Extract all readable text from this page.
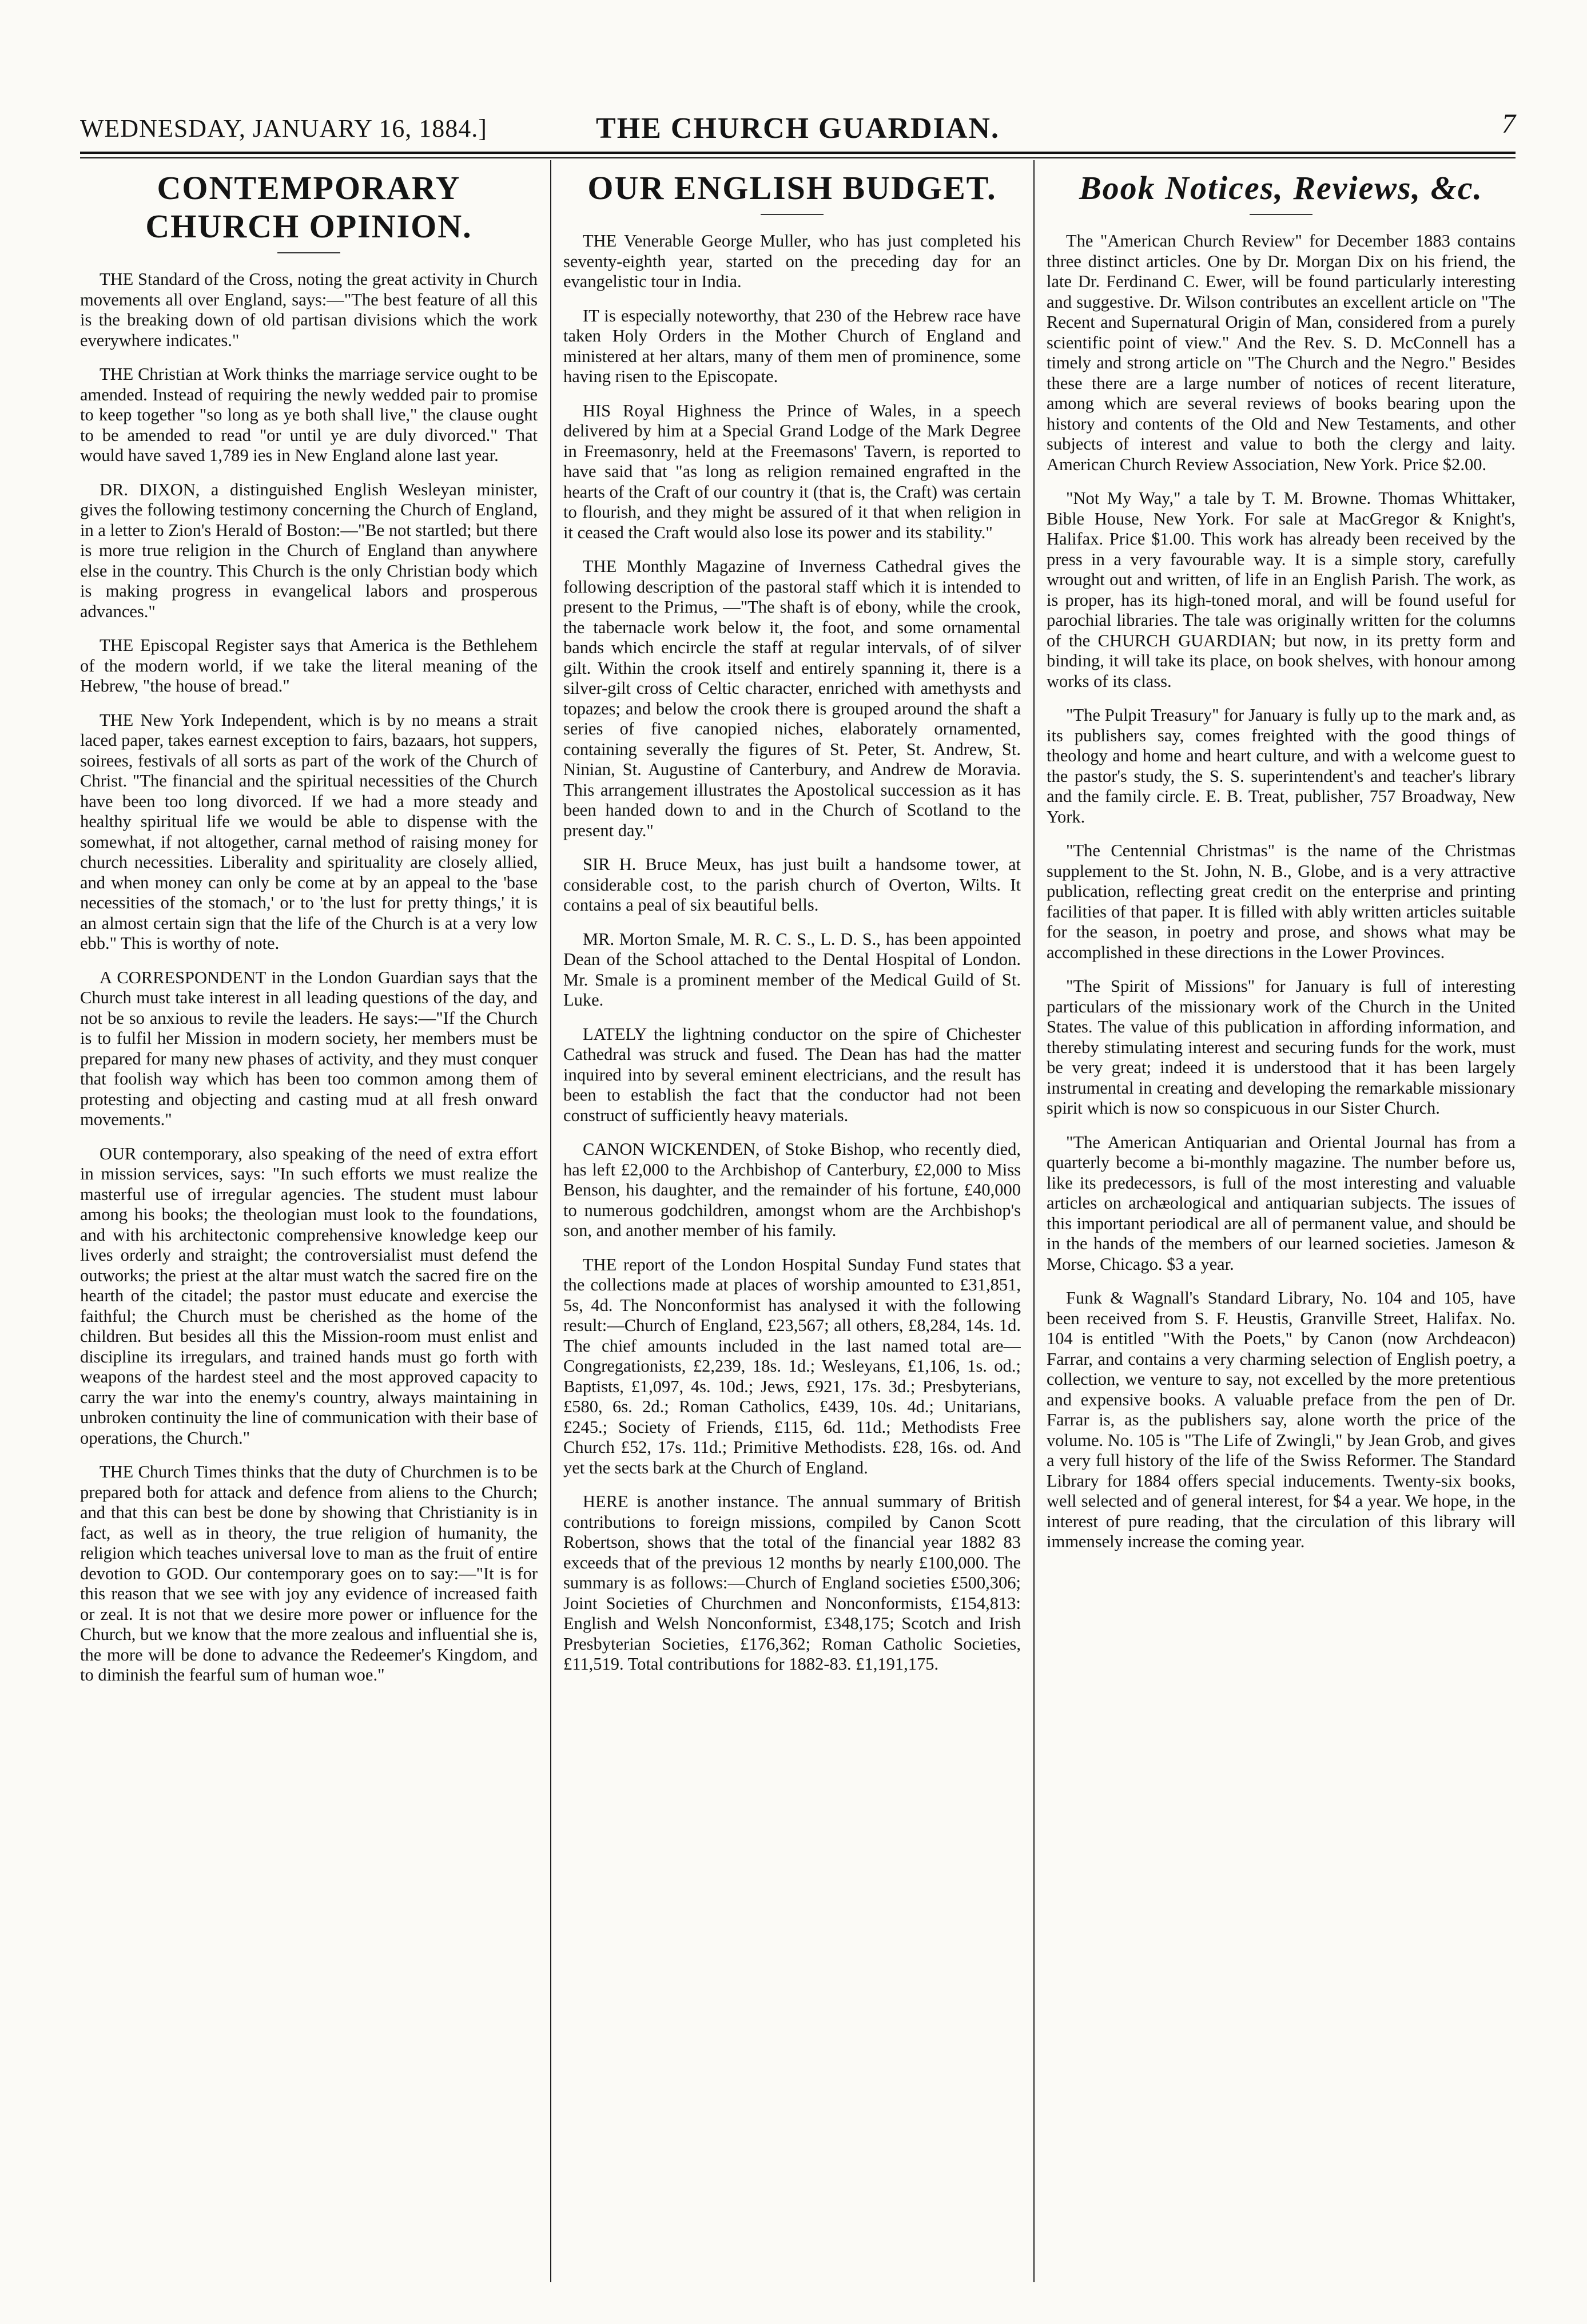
WEDNESDAY, JANUARY 16, 1884.]	THE CHURCH GUARDIAN.	7
CONTEMPORARY CHURCH OPINION.

THE Standard of the Cross, noting the great activity in Church movements all over England, says:—"The best feature of all this is the breaking down of old partisan divisions which the work everywhere indicates."

THE Christian at Work thinks the marriage service ought to be amended. Instead of requiring the newly wedded pair to promise to keep together "so long as ye both shall live," the clause ought to be amended to read "or until ye are duly divorced." That would have saved 1,789 ies in New England alone last year.

DR. DIXON, a distinguished English Wesleyan minister, gives the following testimony concerning the Church of England, in a letter to Zion's Herald of Boston:—"Be not startled; but there is more true religion in the Church of England than anywhere else in the country. This Church is the only Christian body which is making progress in evangelical labors and prosperous advances."

THE Episcopal Register says that America is the Bethlehem of the modern world, if we take the literal meaning of the Hebrew, "the house of bread."

THE New York Independent, which is by no means a strait laced paper, takes earnest exception to fairs, bazaars, hot suppers, soirees, festivals of all sorts as part of the work of the Church of Christ. "The financial and the spiritual necessities of the Church have been too long divorced. If we had a more steady and healthy spiritual life we would be able to dispense with the somewhat, if not altogether, carnal method of raising money for church necessities. Liberality and spirituality are closely allied, and when money can only be come at by an appeal to the 'base necessities of the stomach,' or to 'the lust for pretty things,' it is an almost certain sign that the life of the Church is at a very low ebb." This is worthy of note.

A CORRESPONDENT in the London Guardian says that the Church must take interest in all leading questions of the day, and not be so anxious to revile the leaders. He says:—"If the Church is to fulfil her Mission in modern society, her members must be prepared for many new phases of activity, and they must conquer that foolish way which has been too common among them of protesting and objecting and casting mud at all fresh onward movements."

OUR contemporary, also speaking of the need of extra effort in mission services, says: "In such efforts we must realize the masterful use of irregular agencies. The student must labour among his books; the theologian must look to the foundations, and with his architectonic comprehensive knowledge keep our lives orderly and straight; the controversialist must defend the outworks; the priest at the altar must watch the sacred fire on the hearth of the citadel; the pastor must educate and exercise the faithful; the Church must be cherished as the home of the children. But besides all this the Mission-room must enlist and discipline its irregulars, and trained hands must go forth with weapons of the hardest steel and the most approved capacity to carry the war into the enemy's country, always maintaining in unbroken continuity the line of communication with their base of operations, the Church."

THE Church Times thinks that the duty of Churchmen is to be prepared both for attack and defence from aliens to the Church; and that this can best be done by showing that Christianity is in fact, as well as in theory, the true religion of humanity, the religion which teaches universal love to man as the fruit of entire devotion to GOD. Our contemporary goes on to say:—"It is for this reason that we see with joy any evidence of increased faith or zeal. It is not that we desire more power or influence for the Church, but we know that the more zealous and influential she is, the more will be done to advance the Redeemer's Kingdom, and to diminish the fearful sum of human woe."

OUR ENGLISH BUDGET.

THE Venerable George Muller, who has just completed his seventy-eighth year, started on the preceding day for an evangelistic tour in India.

IT is especially noteworthy, that 230 of the Hebrew race have taken Holy Orders in the Mother Church of England and ministered at her altars, many of them men of prominence, some having risen to the Episcopate.

HIS Royal Highness the Prince of Wales, in a speech delivered by him at a Special Grand Lodge of the Mark Degree in Freemasonry, held at the Freemasons' Tavern, is reported to have said that "as long as religion remained engrafted in the hearts of the Craft of our country it (that is, the Craft) was certain to flourish, and they might be assured of it that when religion in it ceased the Craft would also lose its power and its stability."

THE Monthly Magazine of Inverness Cathedral gives the following description of the pastoral staff which it is intended to present to the Primus, —"The shaft is of ebony, while the crook, the tabernacle work below it, the foot, and some ornamental bands which encircle the staff at regular intervals, of of silver gilt. Within the crook itself and entirely spanning it, there is a silver-gilt cross of Celtic character, enriched with amethysts and topazes; and below the crook there is grouped around the shaft a series of five canopied niches, elaborately ornamented, containing severally the figures of St. Peter, St. Andrew, St. Ninian, St. Augustine of Canterbury, and Andrew de Moravia. This arrangement illustrates the Apostolical succession as it has been handed down to and in the Church of Scotland to the present day."

SIR H. Bruce Meux, has just built a handsome tower, at considerable cost, to the parish church of Overton, Wilts. It contains a peal of six beautiful bells.

MR. Morton Smale, M. R. C. S., L. D. S., has been appointed Dean of the School attached to the Dental Hospital of London. Mr. Smale is a prominent member of the Medical Guild of St. Luke.

LATELY the lightning conductor on the spire of Chichester Cathedral was struck and fused. The Dean has had the matter inquired into by several eminent electricians, and the result has been to establish the fact that the conductor had not been construct of sufficiently heavy materials.

CANON WICKENDEN, of Stoke Bishop, who recently died, has left £2,000 to the Archbishop of Canterbury, £2,000 to Miss Benson, his daughter, and the remainder of his fortune, £40,000 to numerous godchildren, amongst whom are the Archbishop's son, and another member of his family.

THE report of the London Hospital Sunday Fund states that the collections made at places of worship amounted to £31,851, 5s, 4d. The Nonconformist has analysed it with the following result:—Church of England, £23,567; all others, £8,284, 14s. 1d. The chief amounts included in the last named total are—Congregationists, £2,239, 18s. 1d.; Wesleyans, £1,106, 1s. od.; Baptists, £1,097, 4s. 10d.; Jews, £921, 17s. 3d.; Presbyterians, £580, 6s. 2d.; Roman Catholics, £439, 10s. 4d.; Unitarians, £245.; Society of Friends, £115, 6d. 11d.; Methodists Free Church £52, 17s. 11d.; Primitive Methodists. £28, 16s. od. And yet the sects bark at the Church of England.

HERE is another instance. The annual summary of British contributions to foreign missions, compiled by Canon Scott Robertson, shows that the total of the financial year 1882 83 exceeds that of the previous 12 months by nearly £100,000. The summary is as follows:—Church of England societies £500,306; Joint Societies of Churchmen and Nonconformists, £154,813: English and Welsh Nonconformist, £348,175; Scotch and Irish Presbyterian Societies, £176,362; Roman Catholic Societies, £11,519. Total contributions for 1882-83. £1,191,175.

Book Notices, Reviews, &c.

The "American Church Review" for December 1883 contains three distinct articles. One by Dr. Morgan Dix on his friend, the late Dr. Ferdinand C. Ewer, will be found particularly interesting and suggestive. Dr. Wilson contributes an excellent article on "The Recent and Supernatural Origin of Man, considered from a purely scientific point of view." And the Rev. S. D. McConnell has a timely and strong article on "The Church and the Negro." Besides these there are a large number of notices of recent literature, among which are several reviews of books bearing upon the history and contents of the Old and New Testaments, and other subjects of interest and value to both the clergy and laity. American Church Review Association, New York. Price $2.00.

"Not My Way," a tale by T. M. Browne. Thomas Whittaker, Bible House, New York. For sale at MacGregor & Knight's, Halifax. Price $1.00. This work has already been received by the press in a very favourable way. It is a simple story, carefully wrought out and written, of life in an English Parish. The work, as is proper, has its high-toned moral, and will be found useful for parochial libraries. The tale was originally written for the columns of the CHURCH GUARDIAN; but now, in its pretty form and binding, it will take its place, on book shelves, with honour among works of its class.

"The Pulpit Treasury" for January is fully up to the mark and, as its publishers say, comes freighted with the good things of theology and home and heart culture, and with a welcome guest to the pastor's study, the S. S. superintendent's and teacher's library and the family circle. E. B. Treat, publisher, 757 Broadway, New York.

"The Centennial Christmas" is the name of the Christmas supplement to the St. John, N. B., Globe, and is a very attractive publication, reflecting great credit on the enterprise and printing facilities of that paper. It is filled with ably written articles suitable for the season, in poetry and prose, and shows what may be accomplished in these directions in the Lower Provinces.

"The Spirit of Missions" for January is full of interesting particulars of the missionary work of the Church in the United States. The value of this publication in affording information, and thereby stimulating interest and securing funds for the work, must be very great; indeed it is understood that it has been largely instrumental in creating and developing the remarkable missionary spirit which is now so conspicuous in our Sister Church.

"The American Antiquarian and Oriental Journal has from a quarterly become a bi-monthly magazine. The number before us, like its predecessors, is full of the most interesting and valuable articles on archæological and antiquarian subjects. The issues of this important periodical are all of permanent value, and should be in the hands of the members of our learned societies. Jameson & Morse, Chicago. $3 a year.

Funk & Wagnall's Standard Library, No. 104 and 105, have been received from S. F. Heustis, Granville Street, Halifax. No. 104 is entitled "With the Poets," by Canon (now Archdeacon) Farrar, and contains a very charming selection of English poetry, a collection, we venture to say, not excelled by the more pretentious and expensive books. A valuable preface from the pen of Dr. Farrar is, as the publishers say, alone worth the price of the volume. No. 105 is "The Life of Zwingli," by Jean Grob, and gives a very full history of the life of the Swiss Reformer. The Standard Library for 1884 offers special inducements. Twenty-six books, well selected and of general interest, for $4 a year. We hope, in the interest of pure reading, that the circulation of this library will immensely increase the coming year.
